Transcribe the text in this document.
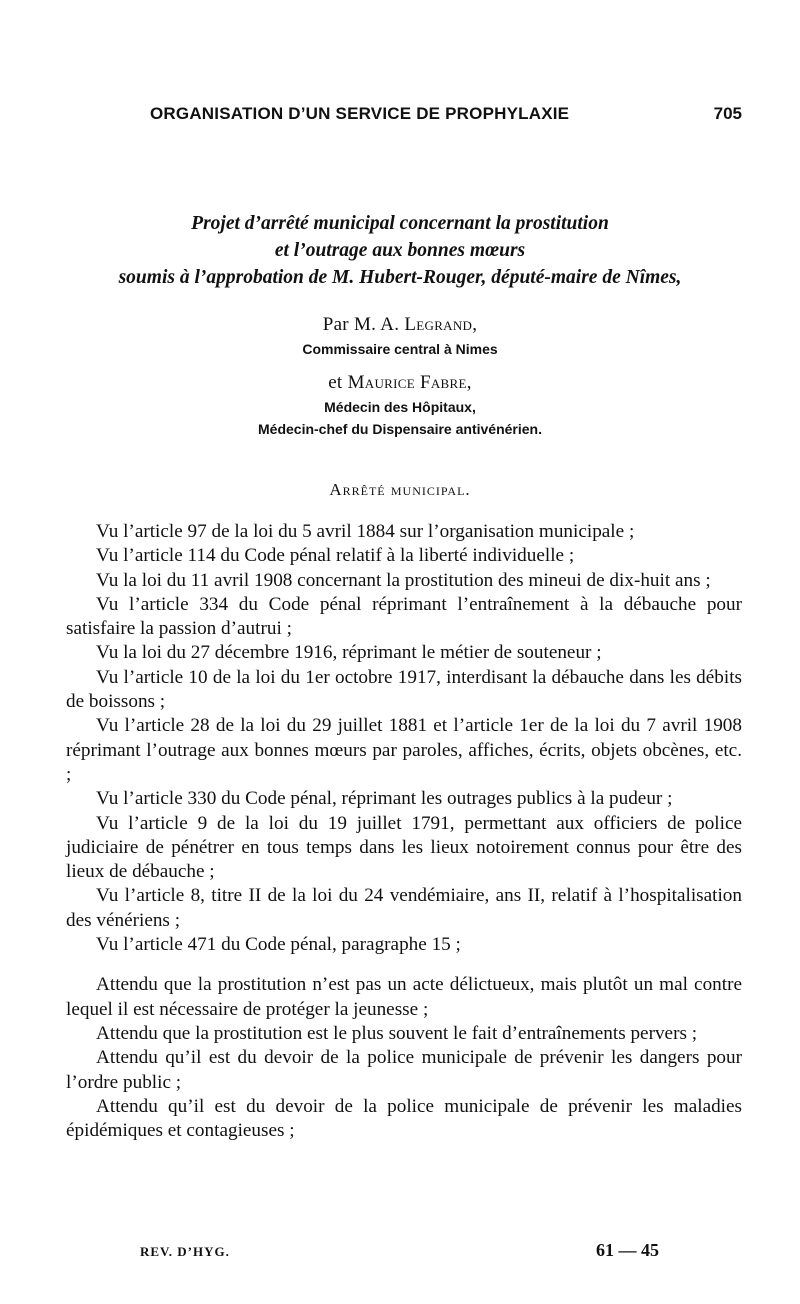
ORGANISATION D’UN SERVICE DE PROPHYLAXIE	705
Projet d’arrêté municipal concernant la prostitution
et l’outrage aux bonnes mœurs
soumis à l’approbation de M. Hubert-Rouger, député-maire de Nîmes,
Par M. A. Legrand,
Commissaire central à Nimes
et Maurice Fabre,
Médecin des Hôpitaux,
Médecin-chef du Dispensaire antivénérien.
Arrêté municipal.

Vu l’article 97 de la loi du 5 avril 1884 sur l’organisation municipale ;

Vu l’article 114 du Code pénal relatif à la liberté individuelle ;

Vu la loi du 11 avril 1908 concernant la prostitution des mineui de dix-huit ans ;

Vu l’article 334 du Code pénal réprimant l’entraînement à la débauche pour satisfaire la passion d’autrui ;

Vu la loi du 27 décembre 1916, réprimant le métier de souteneur ;

Vu l’article 10 de la loi du 1er octobre 1917, interdisant la débauche dans les débits de boissons ;

Vu l’article 28 de la loi du 29 juillet 1881 et l’article 1er de la loi du 7 avril 1908 réprimant l’outrage aux bonnes mœurs par paroles, affiches, écrits, objets obcènes, etc. ;

Vu l’article 330 du Code pénal, réprimant les outrages publics à la pudeur ;

Vu l’article 9 de la loi du 19 juillet 1791, permettant aux officiers de police judiciaire de pénétrer en tous temps dans les lieux notoirement connus pour être des lieux de débauche ;

Vu l’article 8, titre II de la loi du 24 vendémiaire, ans II, relatif à l’hospitalisation des vénériens ;

Vu l’article 471 du Code pénal, paragraphe 15 ;

Attendu que la prostitution n’est pas un acte délictueux, mais plutôt un mal contre lequel il est nécessaire de protéger la jeunesse ;

Attendu que la prostitution est le plus souvent le fait d’entraînements pervers ;

Attendu qu’il est du devoir de la police municipale de prévenir les dangers pour l’ordre public ;

Attendu qu’il est du devoir de la police municipale de prévenir les maladies épidémiques et contagieuses ;

REV. D’HYG.	61 — 45
